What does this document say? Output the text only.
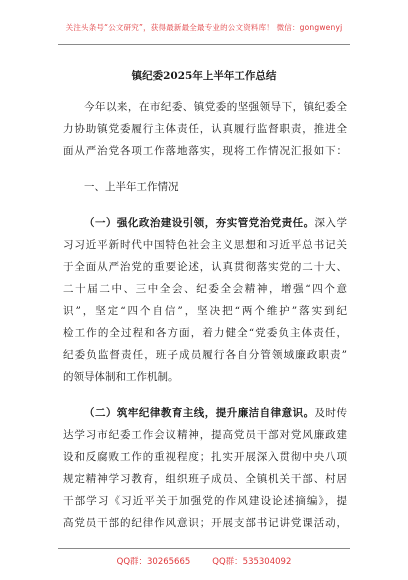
关注头条号“公文研究”，获得最新最全最专业的公文资料库！ 微信：gongwenyj
镇纪委2025年上半年工作总结
今年以来，在市纪委、镇党委的坚强领导下，镇纪委全
力协助镇党委履行主体责任，认真履行监督职责，推进全
面从严治党各项工作落地落实，现将工作情况汇报如下：
一、上半年工作情况
（一）强化政治建设引领，夯实管党治党责任。深入学
习习近平新时代中国特色社会主义思想和习近平总书记关
于全面从严治党的重要论述，认真贯彻落实党的二十大、
二十届二中、三中全会、纪委全会精神，增强“四个意
识”，坚定“四个自信”，坚决把“两个维护”落实到纪
检工作的全过程和各方面，着力健全“党委负主体责任，
纪委负监督责任，班子成员履行各自分管领域廉政职责”
的领导体制和工作机制。
（二）筑牢纪律教育主线，提升廉洁自律意识。及时传
达学习市纪委工作会议精神，提高党员干部对党风廉政建
设和反腐败工作的重视程度；扎实开展深入贯彻中央八项
规定精神学习教育，组织班子成员、全镇机关干部、村居
干部学习《习近平关于加强党的作风建设论述摘编》，提
高党员干部的纪律作风意识；开展支部书记讲党课活动，
QQ群：30265665	QQ群：535304092
